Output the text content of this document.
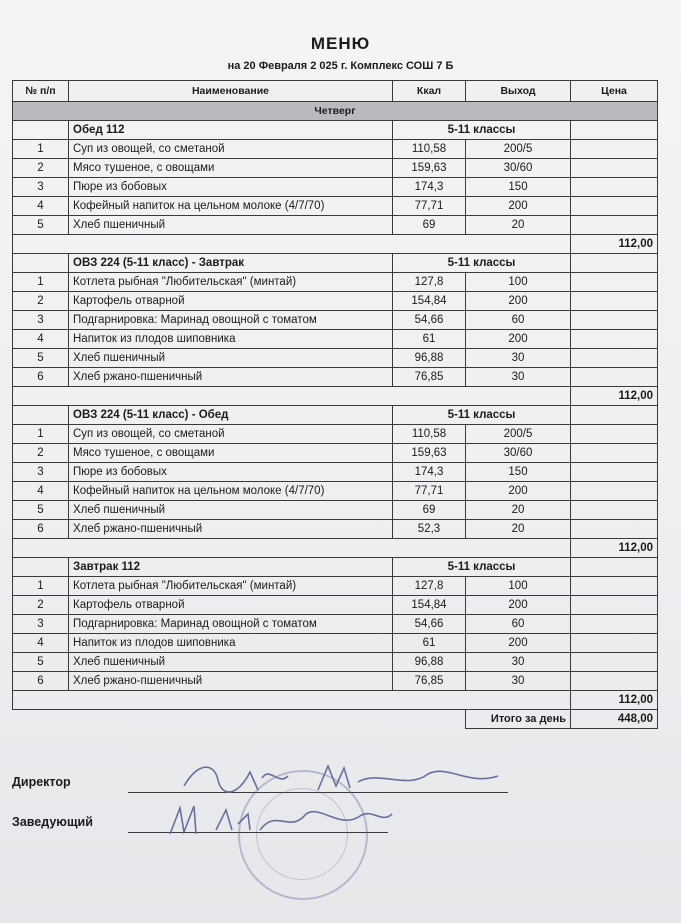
МЕНЮ
на 20 Февраля 2 025 г. Комплекс СОШ 7 Б
№ п/п	Наименование	Ккал	Выход	Цена
Четверг				
	Обед 112	5-11 классы		
1	Суп из овощей, со сметаной	110,58	200/5	
2	Мясо тушеное, с овощами	159,63	30/60	
3	Пюре из бобовых	174,3	150	
4	Кофейный напиток на цельном молоке (4/7/70)	77,71	200	
5	Хлеб пшеничный	69	20	
				112,00
	ОВЗ 224 (5-11 класс) - Завтрак	5-11 классы		
1	Котлета рыбная "Любительская" (минтай)	127,8	100	
2	Картофель отварной	154,84	200	
3	Подгарнировка: Маринад овощной с томатом	54,66	60	
4	Напиток из плодов шиповника	61	200	
5	Хлеб пшеничный	96,88	30	
6	Хлеб ржано-пшеничный	76,85	30	
				112,00
	ОВЗ 224 (5-11 класс) - Обед	5-11 классы		
1	Суп из овощей, со сметаной	110,58	200/5	
2	Мясо тушеное, с овощами	159,63	30/60	
3	Пюре из бобовых	174,3	150	
4	Кофейный напиток на цельном молоке (4/7/70)	77,71	200	
5	Хлеб пшеничный	69	20	
6	Хлеб ржано-пшеничный	52,3	20	
				112,00
	Завтрак 112	5-11 классы		
1	Котлета рыбная "Любительская" (минтай)	127,8	100	
2	Картофель отварной	154,84	200	
3	Подгарнировка: Маринад овощной с томатом	54,66	60	
4	Напиток из плодов шиповника	61	200	
5	Хлеб пшеничный	96,88	30	
6	Хлеб ржано-пшеничный	76,85	30	
				112,00
			Итого за день	448,00
Директор
Заведующий
